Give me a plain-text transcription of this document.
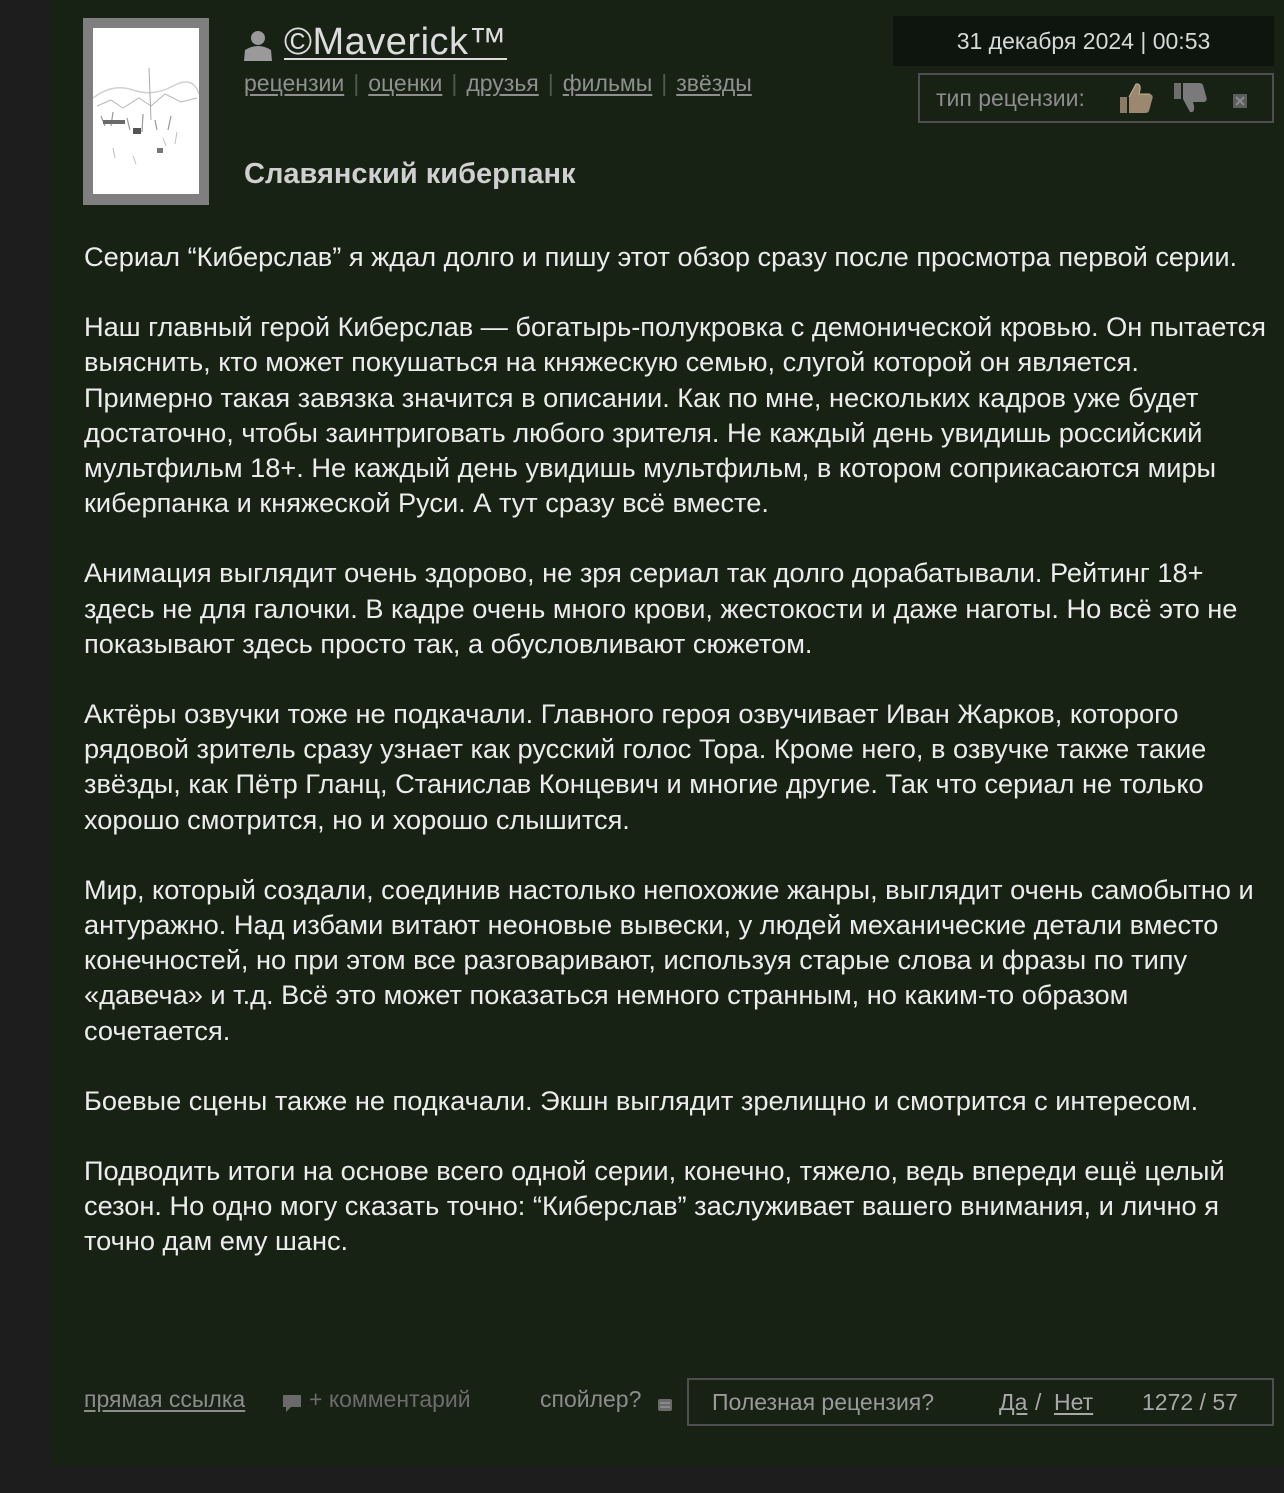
©Maverick™
рецензии | оценки | друзья | фильмы | звёзды
31 декабря 2024 | 00:53
тип рецензии:
Славянский киберпанк

Сериал “Киберслав” я ждал долго и пишу этот обзор сразу после просмотра первой серии.

Наш главный герой Киберслав — богатырь-полукровка с демонической кровью. Он пытается выяснить, кто может покушаться на княжескую семью, слугой которой он является. Примерно такая завязка значится в описании. Как по мне, нескольких кадров уже будет достаточно, чтобы заинтриговать любого зрителя. Не каждый день увидишь российский мультфильм 18+. Не каждый день увидишь мультфильм, в котором соприкасаются миры киберпанка и княжеской Руси. А тут сразу всё вместе.

Анимация выглядит очень здорово, не зря сериал так долго дорабатывали. Рейтинг 18+ здесь не для галочки. В кадре очень много крови, жестокости и даже наготы. Но всё это не показывают здесь просто так, а обусловливают сюжетом.

Актёры озвучки тоже не подкачали. Главного героя озвучивает Иван Жарков, которого рядовой зритель сразу узнает как русский голос Тора. Кроме него, в озвучке также такие звёзды, как Пётр Гланц, Станислав Концевич и многие другие. Так что сериал не только хорошо смотрится, но и хорошо слышится.

Мир, который создали, соединив настолько непохожие жанры, выглядит очень самобытно и антуражно. Над избами витают неоновые вывески, у людей механические детали вместо конечностей, но при этом все разговаривают, используя старые слова и фразы по типу «давеча» и т.д. Всё это может показаться немного странным, но каким-то образом сочетается.

Боевые сцены также не подкачали. Экшн выглядит зрелищно и смотрится с интересом.

Подводить итоги на основе всего одной серии, конечно, тяжело, ведь впереди ещё целый сезон. Но одно могу сказать точно: “Киберслав” заслуживает вашего внимания, и лично я точно дам ему шанс.

прямая ссылка	+ комментарий	спойлер?	Полезная рецензия?	Да / Нет 1272 / 57
